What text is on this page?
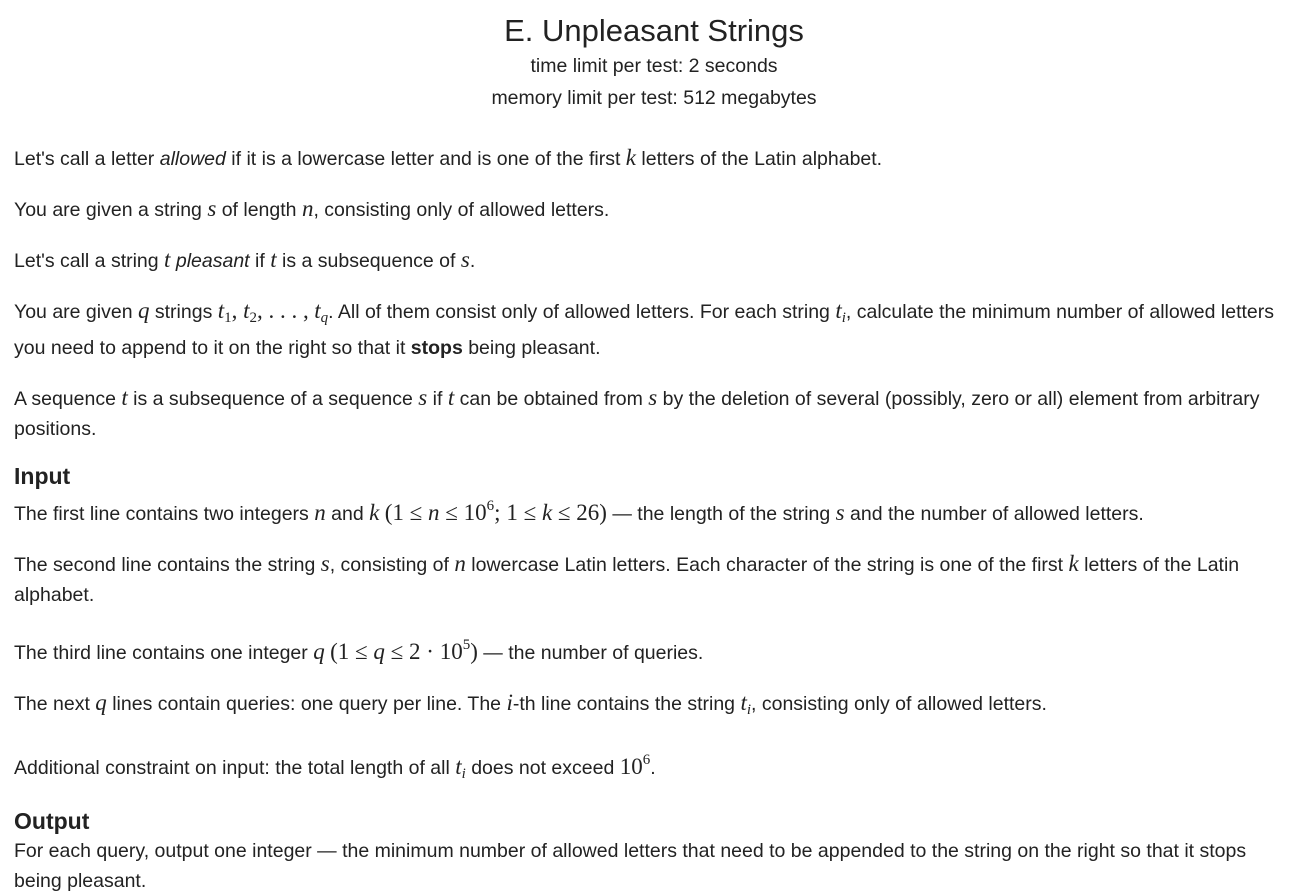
E. Unpleasant Strings
time limit per test: 2 seconds
memory limit per test: 512 megabytes

Let's call a letter allowed if it is a lowercase letter and is one of the first k letters of the Latin alphabet.

You are given a string s of length n, consisting only of allowed letters.

Let's call a string t pleasant if t is a subsequence of s.

You are given q strings $t_1$, $t_2$, . . . , $t_q$. All of them consist only of allowed letters. For each string $t_i$, calculate the minimum number of allowed letters you need to append to it on the right so that it stops being pleasant.

A sequence t is a subsequence of a sequence s if t can be obtained from s by the deletion of several (possibly, zero or all) element from arbitrary positions.

Input

The first line contains two integers n and k ($1 \le n \le 10^6$; 1 ≤ k ≤ 26) — the length of the string s and the number of allowed letters.

The second line contains the string s, consisting of n lowercase Latin letters. Each character of the string is one of the first k letters of the Latin alphabet.

The third line contains one integer q $(1 \le q \le 2 \cdot 10^5)$ — the number of queries.

The next q lines contain queries: one query per line. The i-th line contains the string $t_i$, consisting only of allowed letters.

Additional constraint on input: the total length of all $t_i$ does not exceed $10^6$.

Output

For each query, output one integer — the minimum number of allowed letters that need to be appended to the string on the right so that it stops being pleasant.
